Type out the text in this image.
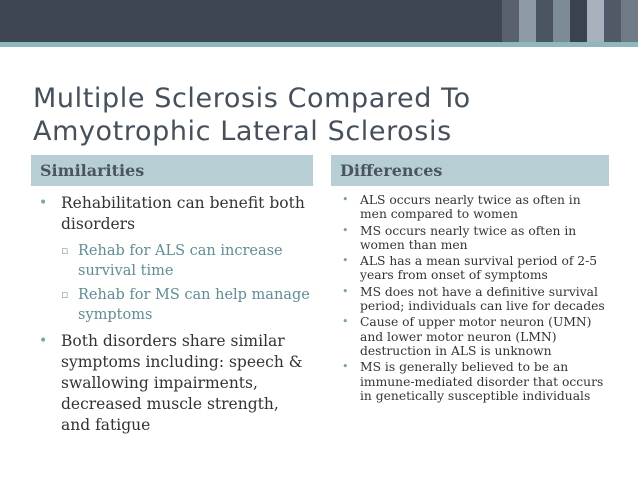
Multiple Sclerosis Compared To Amyotrophic Lateral Sclerosis
Similarities	Differences
• Rehabilitation can benefit both disorders
▫ Rehab for ALS can increase survival time
▫ Rehab for MS can help manage symptoms
• Both disorders share similar symptoms including: speech & swallowing impairments, decreased muscle strength, and fatigue
• ALS occurs nearly twice as often in men compared to women
• MS occurs nearly twice as often in women than men
• ALS has a mean survival period of 2-5 years from onset of symptoms
• MS does not have a definitive survival period; individuals can live for decades
• Cause of upper motor neuron (UMN) and lower motor neuron (LMN) destruction in ALS is unknown
• MS is generally believed to be an immune-mediated disorder that occurs in genetically susceptible individuals
